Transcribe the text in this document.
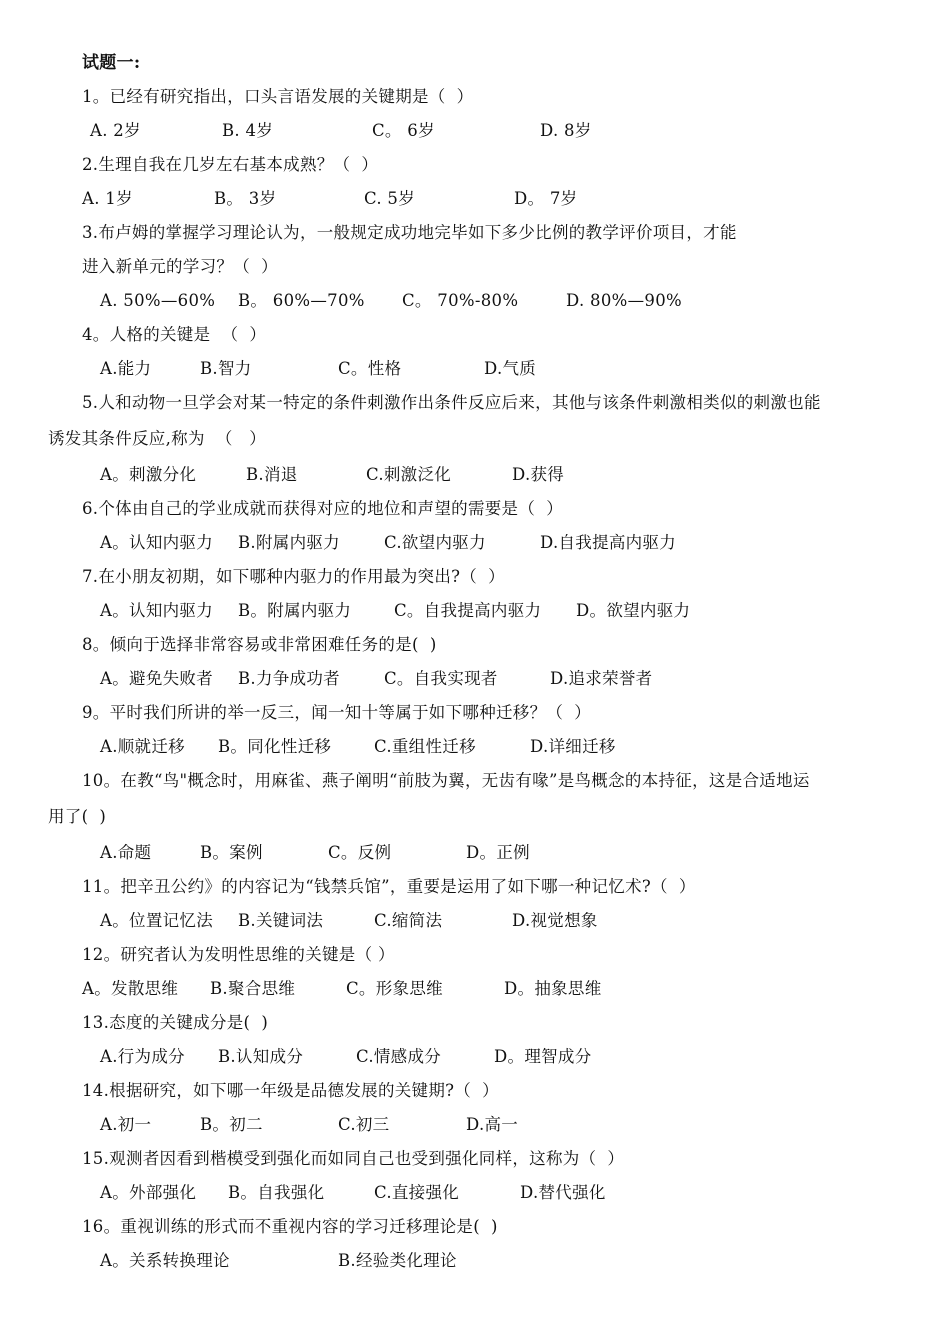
试题一:
1。已经有研究指出，口头言语发展的关键期是（  ）
A. 2岁	B. 4岁	C。 6岁	D. 8岁
2.生理自我在几岁左右基本成熟？（  ）
A. 1岁	B。 3岁	C. 5岁	D。 7岁
3.布卢姆的掌握学习理论认为，一般规定成功地完毕如下多少比例的教学评价项目，才能
进入新单元的学习？（  ）
A. 50%—60% B。 60%—70% C。 70%-80%	D. 80%—90%
4。人格的关键是  （  ）
A.能力	B.智力	C。性格	D.气质
5.人和动物一旦学会对某一特定的条件刺激作出条件反应后来，其他与该条件刺激相类似的刺激也能
诱发其条件反应,称为  （   ）
A。刺激分化	B.消退	C.刺激泛化	D.获得
6.个体由自己的学业成就而获得对应的地位和声望的需要是（  ）
A。认知内驱力 B.附属内驱力	C.欲望内驱力	D.自我提高内驱力
7.在小朋友初期，如下哪种内驱力的作用最为突出?（  ）
A。认知内驱力 B。附属内驱力	C。自我提高内驱力 D。欲望内驱力
8。倾向于选择非常容易或非常困难任务的是(  )
A。避免失败者 B.力争成功者	C。自我实现者	D.追求荣誉者
9。平时我们所讲的举一反三，闻一知十等属于如下哪种迁移？（  ）
A.顺就迁移 B。同化性迁移	C.重组性迁移	D.详细迁移
10。在教“鸟"概念时，用麻雀、燕子阐明“前肢为翼，无齿有喙”是鸟概念的本持征，这是合适地运
用了(  )
A.命题	B。案例	C。反例	D。正例
11。把辛丑公约》的内容记为“钱禁兵馆”，重要是运用了如下哪一种记忆术?（  ）
A。位置记忆法 B.关键词法	C.缩简法	D.视觉想象
12。研究者认为发明性思维的关键是（ ）
A。发散思维 B.聚合思维	C。形象思维	D。抽象思维
13.态度的关键成分是(  )
A.行为成分 B.认知成分	C.情感成分	D。理智成分
14.根据研究，如下哪一年级是品德发展的关键期?（  ）
A.初一	B。初二	C.初三	D.高一
15.观测者因看到楷模受到强化而如同自己也受到强化同样，这称为（  ）
A。外部强化 B。自我强化	C.直接强化	D.替代强化
16。重视训练的形式而不重视内容的学习迁移理论是(  )
A。关系转换理论	B.经验类化理论
